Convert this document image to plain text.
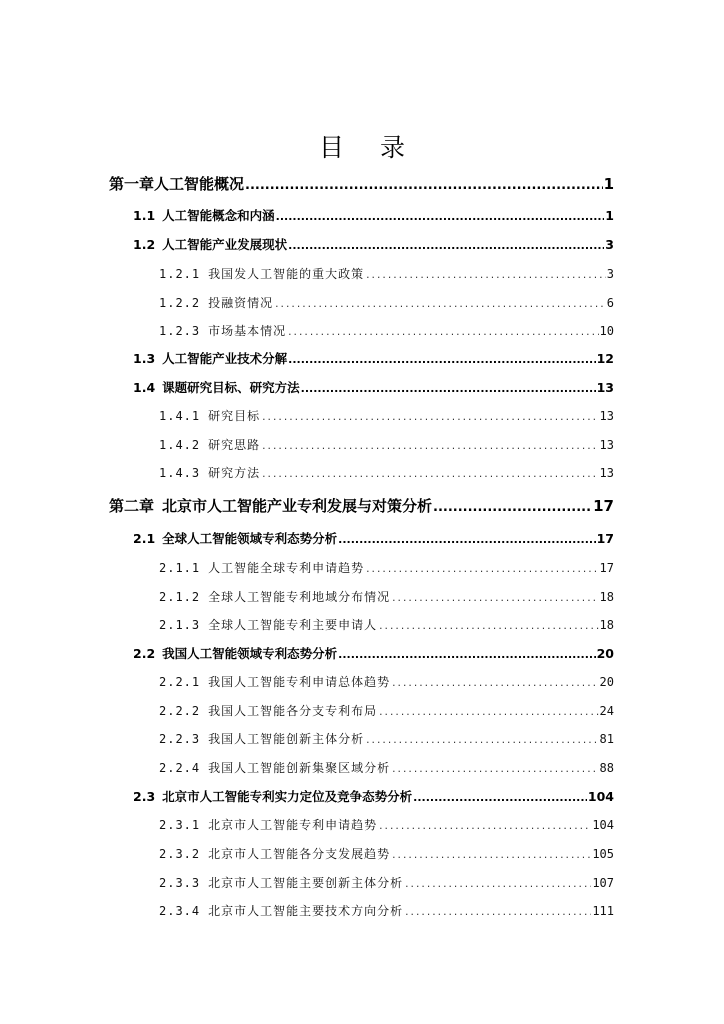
目 录
第一章 人工智能概况 .....	1
1.1 人工智能概念和内涵 .....	1
1.2 人工智能产业发展现状 .....	3
1.2.1 我国发人工智能的重大政策 .....	3
1.2.2 投融资情况 .....	6
1.2.3 市场基本情况 .....	10
1.3 人工智能产业技术分解 .....	12
1.4 课题研究目标、研究方法 .....	13
1.4.1 研究目标 .....	13
1.4.2 研究思路 .....	13
1.4.3 研究方法 .....	13
第二章 北京市人工智能产业专利发展与对策分析 .....	17
2.1 全球人工智能领域专利态势分析 .....	17
2.1.1 人工智能全球专利申请趋势 .....	17
2.1.2 全球人工智能专利地域分布情况 .....	18
2.1.3 全球人工智能专利主要申请人 .....	18
2.2 我国人工智能领域专利态势分析 .....	20
2.2.1 我国人工智能专利申请总体趋势 .....	20
2.2.2 我国人工智能各分支专利布局 .....	24
2.2.3 我国人工智能创新主体分析 .....	81
2.2.4 我国人工智能创新集聚区域分析 .....	88
2.3 北京市人工智能专利实力定位及竞争态势分析 .....	104
2.3.1 北京市人工智能专利申请趋势 .....	104
2.3.2 北京市人工智能各分支发展趋势 .....	105
2.3.3 北京市人工智能主要创新主体分析 .....	107
2.3.4 北京市人工智能主要技术方向分析 .....	111
